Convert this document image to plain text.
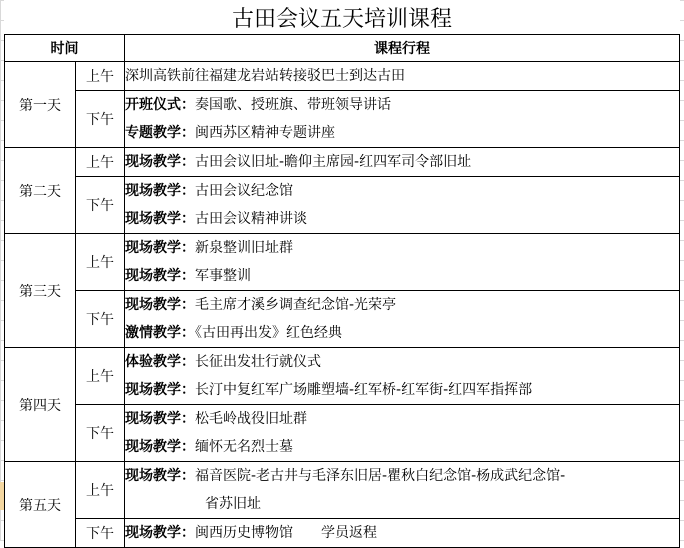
古田会议五天培训课程
时间		课程行程
第一天	上午	深圳高铁前往福建龙岩站转接驳巴士到达古田

	下午	开班仪式：奏国歌、授班旗、带班领导讲话
专题教学：闽西苏区精神专题讲座

第二天	上午	现场教学：古田会议旧址-瞻仰主席园-红四军司令部旧址

	下午	现场教学：古田会议纪念馆
现场教学：古田会议精神讲谈

第三天	上午	现场教学：新泉整训旧址群
现场教学：军事整训

	下午	现场教学：毛主席才溪乡调查纪念馆-光荣亭
激情教学：《古田再出发》红色经典

第四天	上午	体验教学：长征出发壮行就仪式
现场教学：长汀中复红军广场雕塑墙-红军桥-红军街-红四军指挥部

	下午	现场教学：松毛岭战役旧址群
现场教学：缅怀无名烈士墓

第五天	上午	现场教学：福音医院-老古井与毛泽东旧居-瞿秋白纪念馆-杨成武纪念馆-
省苏旧址

	下午	现场教学：闽西历史博物馆　　学员返程
